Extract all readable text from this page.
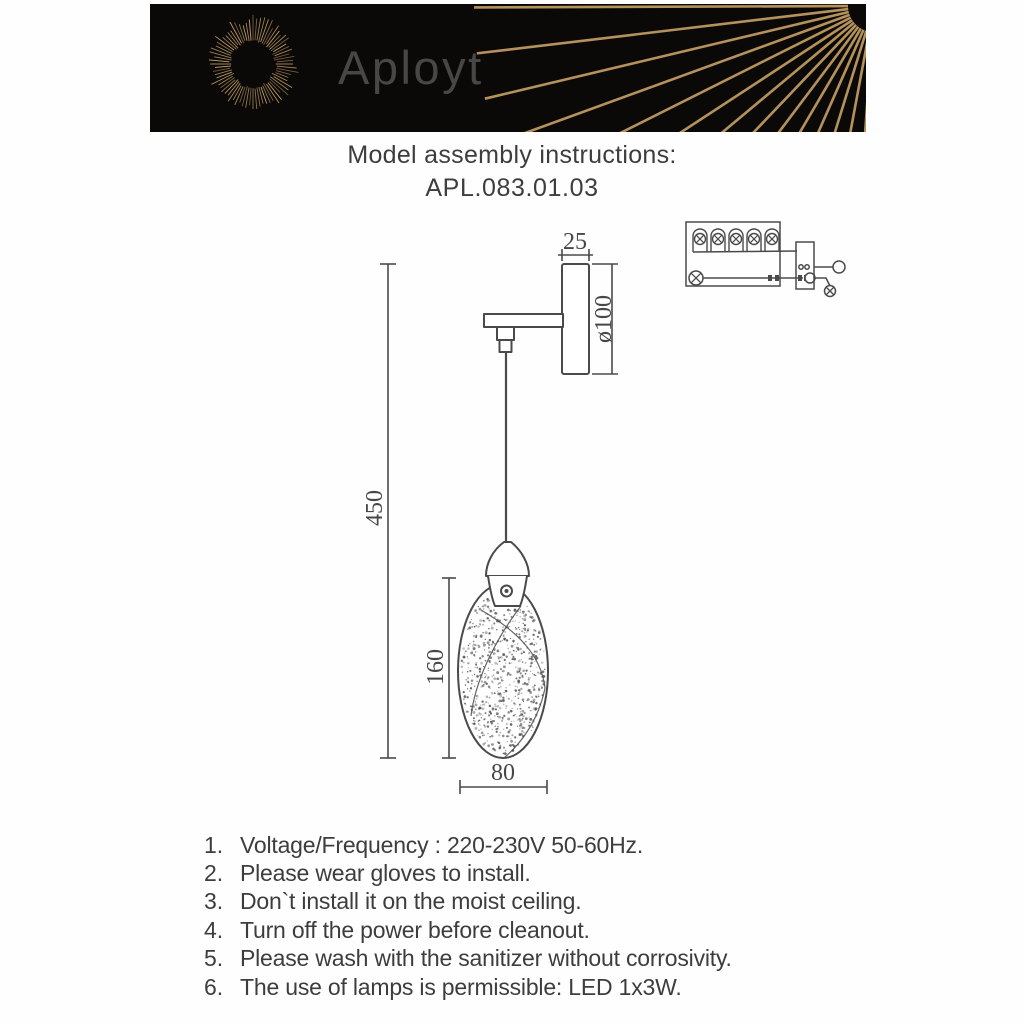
Aployt
Model assembly instructions:
APL.083.01.03
450
160
80
25
ø100
1. Voltage/Frequency : 220-230V 50-60Hz.
2. Please wear gloves to install.
3. Don`t install it on the moist ceiling.
4. Turn off the power before cleanout.
5. Please wash with the sanitizer without corrosivity.
6. The use of lamps is permissible: LED 1x3W.
